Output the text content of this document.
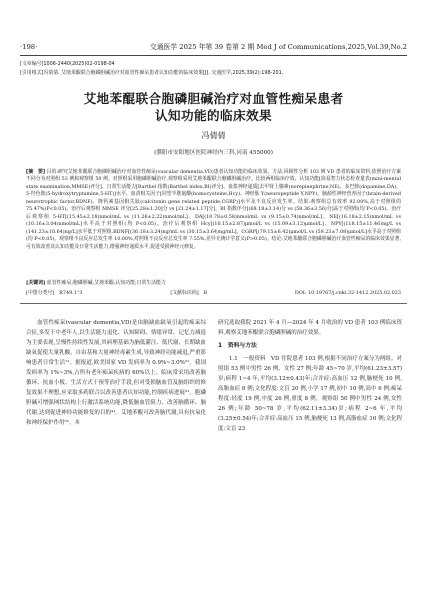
·198·	交通医学 2025 年第 39 卷第 2 期 Med J of Communications,2025,Vol.39,No.2
[文章编号]1006-2440(2025)02-0198-04
[引用格式]冯倩倩. 艾地苯醌联合胞磷胆碱治疗对血管性痴呆患者认知功能的临床效果[J]. 交通医学,2025,39(2):198-201.
艾地苯醌联合胞磷胆碱治疗对血管性痴呆患者
认知功能的临床效果
冯倩倩
(濮阳市安阳地区医院神经内三科,河南 455000)
[摘　要] 目的:研究艾地苯醌联合胞磷胆碱治疗对血管性痴呆(vascular dementia,VD)患者认知功能的临床效果。方法:回顾性分析 103 例 VD 患者的临床资料,依照治疗方案不同分为对照组 53 例和观察组 50 例。对照组采用胞磷胆碱治疗,观察组采用艾地苯醌联合胞磷胆碱治疗。比较两组临床疗效、认知功能[简易智力状态检查量表(mini-mental state examination,MMSE)评分]、日常生活能力[Barthel 指数(Barthel index,BI)评分]、血浆神经递质[去甲肾上腺素(norepinephrine,NE)、多巴胺(dopamine,DA)、5-羟色胺(5-hydroxytryptamine,5-HT)]水平、血清相关因子[同型半胱氨酸(homocysteine,Hcy)、神经肽 Y(neuropeptide Y,NPY)、脑源性神经营养因子(brain-derived neurotrophic factor,BDNF)、降钙素基因相关肽(calcitonin gene related peptide,CGRP)]水平及不良反应发生率。结果:观察组总有效率 92.00%,高于对照组的 75.47%(P<0.05)。治疗后观察组 MMSE 评分[25.28±1.20]分 vs [21.24±1.17]分]、BI 指数评分[(68.18±3.14)分 vs (58.36±3.56)分]高于对照组(均 P<0.05)。治疗后观察组 5-HT[(15.45±2.18)nmol/mL vs (11.26±2.22)nmol/mL]、DA[(10.78±0.58)nmol/mL vs (9.15±0.74)nmol/mL]、NE[(16.18±2.15)nmol/mL vs (10.16±3.04)nmol/mL]水平高于对照组(均 P<0.05)。治疗后观察组 Hcy[(10.15±2.87)μmol/L vs (15.09±3.12)μmol/L]、NPY[(118.15±11.46)ng/L vs (141.23±10.64)ng/L]水平低于对照组,BDNF[(36.18±3.24)ng/mL vs (30.15±3.64)ng/mL]、CGRP[(79.15±6.42)μmol/L vs (59.23±7.08)μmol/L]水平高于对照组(均 P<0.05)。观察组不良反应总发生率 10.00%,对照组不良反应总发生率 7.55%,差异无统计学意义(P>0.05)。结论:艾地苯醌联合胞磷胆碱治疗血管性痴呆的临床效果显著,可有效改善其认知功能及日常生活能力,增强神经递质水平,促进受损神经元修复。
[关键词] 血管性痴呆;胞磷胆碱;艾地苯醌;认知功能;日常生活能力
[中图分类号]　R749.1⁺3	[文献标识码]　B	DOI: 10.19767/j.cnki.32-1412.2025.02.023

血管性痴呆(vascular dementia,VD)是由脑缺血缺氧引起的痴呆综合征,多发于中老年人,以生活能力退化、认知障碍、情绪异常、记忆力减退为主要表现,呈慢性持续性发展,其病理基础为脑低灌注、低代谢、长期缺血缺氧促使大量乳酸、自由基和大量神经毒素生成,导致神经功能减退,严重影响患者日常生活¹¹。据报道,欧美国家 VD 发病率为 0.9%~3.0%²¹。我国发病率为 1%~3%,占所有老年痴呆疾病的 60%以上。临床常采用改善脑循环、抗血小板、生活方式干预等治疗手段,但对受损脑血管及脑组织的修复效果不理想,应采取多药联合以改善患者认知功能,控制疾病进展³¹。胞磷胆碱可增强网状结构上行激活系统功能,降低脑血管阻力、改善脑循环、脑代谢,达到促进神经功能修复的目的⁴¹。艾地苯醌可改善脑代谢,具有抗氧化和神经保护作用⁵¹。本

研究选取我院 2021 年 4 月—2024 年 4 月收治的 VD 患者 103 例临床资料,观察艾地苯醌联合胞磷胆碱的治疗效果。

1　资料与方法

1.1　一般资料　 VD 住院患者 103 例,根据不同治疗方案分为两组。对照组 53 例中男性 26 例、女性 27 例;年龄 45~70 岁,平均(61.23±3.57)岁;病程 1~4 年,平均(3.12±0.43)年;合并症:高血压 12 例,脑梗死 10 例,高脂血症 8 例;文化程度:文盲 20 例,小学 17 例,初中 10 例,高中 6 例;痴呆程度:轻度 19 例,中度 26 例,重度 8 例。观察组 50 例中男性 24 例,女性 26 例;年龄 50~78 岁,平均(62.11±3.34)岁;病程 2~6 年,平均(3.25±0.54)年;合并症:高血压 15 例,脑梗死 13 例,高脂血症 10 例;文化程度:文盲 23
